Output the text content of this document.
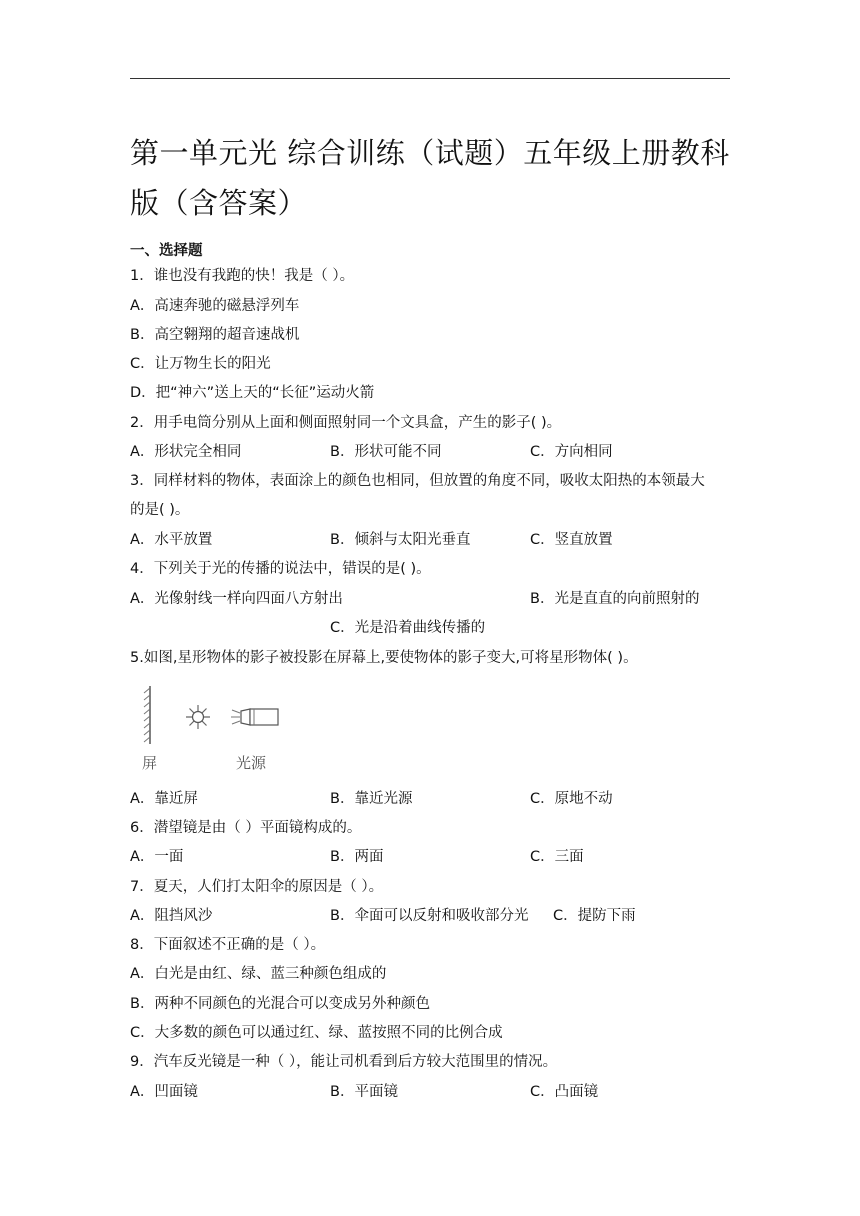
第一单元光 综合训练（试题）五年级上册教科版（含答案）
一、选择题
1．谁也没有我跑的快！我是（ ）。
A．高速奔驰的磁悬浮列车
B．高空翱翔的超音速战机
C．让万物生长的阳光
D．把“神六”送上天的“长征”运动火箭
2．用手电筒分别从上面和侧面照射同一个文具盒，产生的影子( )。
A．形状完全相同	B．形状可能不同	C．方向相同
3．同样材料的物体，表面涂上的颜色也相同，但放置的角度不同，吸收太阳热的本领最大
的是( )。
A．水平放置	B．倾斜与太阳光垂直	C．竖直放置
4．下列关于光的传播的说法中，错误的是( )。
A．光像射线一样向四面八方射出	B．光是直直的向前照射的
C．光是沿着曲线传播的
5.如图,星形物体的影子被投影在屏幕上,要使物体的影子变大,可将星形物体( )。
屏	光源
A．靠近屏	B．靠近光源	C．原地不动
6．潜望镜是由（ ）平面镜构成的。
A．一面	B．两面	C．三面
7．夏天，人们打太阳伞的原因是（ ）。
A．阻挡风沙	B．伞面可以反射和吸收部分光 C．提防下雨
8．下面叙述不正确的是（ ）。
A．白光是由红、绿、蓝三种颜色组成的
B．两种不同颜色的光混合可以变成另外种颜色
C．大多数的颜色可以通过红、绿、蓝按照不同的比例合成
9．汽车反光镜是一种（ ），能让司机看到后方较大范围里的情况。
A．凹面镜	B．平面镜	C．凸面镜
